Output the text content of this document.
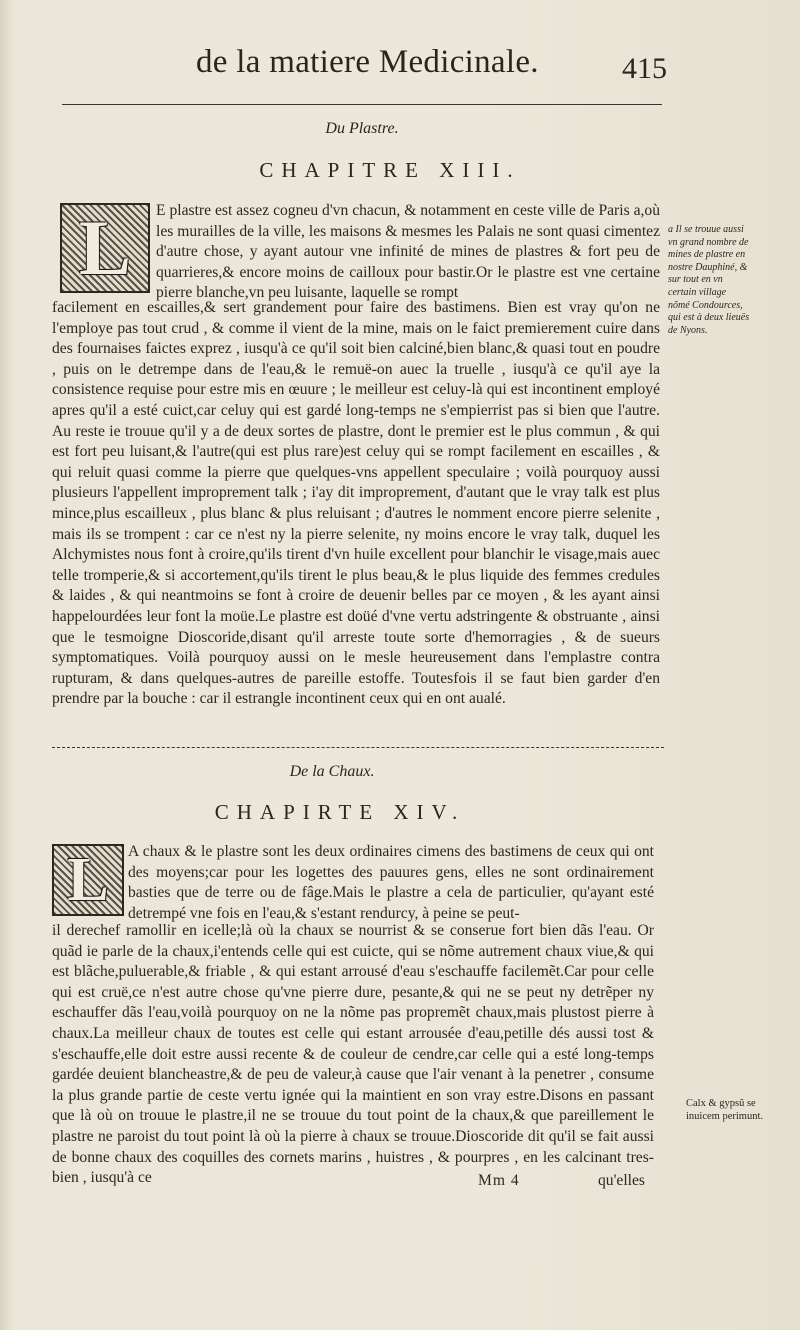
de la matiere Medicinale.	415
Du Plastre.
CHAPITRE XIII.
L E plastre est assez cogneu d'vn chacun, & notamment en ceste ville de Paris a,où les murailles de la ville, les maisons & mesmes les Palais ne sont quasi cimentez d'autre chose, y ayant autour vne infinité de mines de plastres & fort peu de quarrieres,& encore moins de cailloux pour bastir.Or le plastre est vne certaine pierre blanche,vn peu luisante, laquelle se rompt
facilement en escailles,& sert grandement pour faire des bastimens. Bien est vray qu'on ne l'employe pas tout crud , & comme il vient de la mine, mais on le faict premierement cuire dans des fournaises faictes exprez , iusqu'à ce qu'il soit bien calciné,bien blanc,& quasi tout en poudre , puis on le detrempe dans de l'eau,& le remuë-on auec la truelle , iusqu'à ce qu'il aye la consistence requise pour estre mis en œuure ; le meilleur est celuy-là qui est incontinent employé apres qu'il a esté cuict,car celuy qui est gardé long-temps ne s'empierrist pas si bien que l'autre. Au reste ie trouue qu'il y a de deux sortes de plastre, dont le premier est le plus commun , & qui est fort peu luisant,& l'autre(qui est plus rare)est celuy qui se rompt facilement en escailles , & qui reluit quasi comme la pierre que quelques-vns appellent speculaire ; voilà pourquoy aussi plusieurs l'appellent improprement talk ; i'ay dit improprement, d'autant que le vray talk est plus mince,plus escailleux , plus blanc & plus reluisant ; d'autres le nomment encore pierre selenite , mais ils se trompent : car ce n'est ny la pierre selenite, ny moins encore le vray talk, duquel les Alchymistes nous font à croire,qu'ils tirent d'vn huile excellent pour blanchir le visage,mais auec telle tromperie,& si accortement,qu'ils tirent le plus beau,& le plus liquide des femmes credules & laides , & qui neantmoins se font à croire de deuenir belles par ce moyen , & les ayant ainsi happelourdées leur font la moüe.Le plastre est doüé d'vne vertu adstringente & obstruante , ainsi que le tesmoigne Dioscoride,disant qu'il arreste toute sorte d'hemorragies , & de sueurs symptomatiques. Voilà pourquoy aussi on le mesle heureusement dans l'emplastre contra rupturam, & dans quelques-autres de pareille estoffe. Toutesfois il se faut bien garder d'en prendre par la bouche : car il estrangle incontinent ceux qui en ont aualé.
a Il se trouue aussi vn grand nombre de mines de plastre en nostre Dauphiné, & sur tout en vn certain village nõmé Condources, qui est à deux lieuës de Nyons.
De la Chaux.
CHAPIRTE XIV.
L A chaux & le plastre sont les deux ordinaires cimens des bastimens de ceux qui ont des moyens;car pour les logettes des pauures gens, elles ne sont ordinairement basties que de terre ou de fâge.Mais le plastre a cela de particulier, qu'ayant esté detrempé vne fois en l'eau,& s'estant rendurcy, à peine se peut-
il derechef ramollir en icelle;là où la chaux se nourrist & se conserue fort bien dãs l'eau. Or quãd ie parle de la chaux,i'entends celle qui est cuicte, qui se nõme autrement chaux viue,& qui est blãche,puluerable,& friable , & qui estant arrousé d'eau s'eschauffe facilemẽt.Car pour celle qui est cruë,ce n'est autre chose qu'vne pierre dure, pesante,& qui ne se peut ny detrẽper ny eschauffer dãs l'eau,voilà pourquoy on ne la nõme pas propremẽt chaux,mais plustost pierre à chaux.La meilleur chaux de toutes est celle qui estant arrousée d'eau,petille dés aussi tost & s'eschauffe,elle doit estre aussi recente & de couleur de cendre,car celle qui a esté long-temps gardée deuient blancheastre,& de peu de valeur,à cause que l'air venant à la penetrer , consume la plus grande partie de ceste vertu ignée qui la maintient en son vray estre.Disons en passant que là où on trouue le plastre,il ne se trouue du tout point de la chaux,& que pareillement le plastre ne paroist du tout point là où la pierre à chaux se trouue.Dioscoride dit qu'il se fait aussi de bonne chaux des coquilles des cornets marins , huistres , & pourpres , en les calcinant tres-bien , iusqu'à ce
Calx & gypsũ se inuicem perimunt.
Mm 4	qu'elles
